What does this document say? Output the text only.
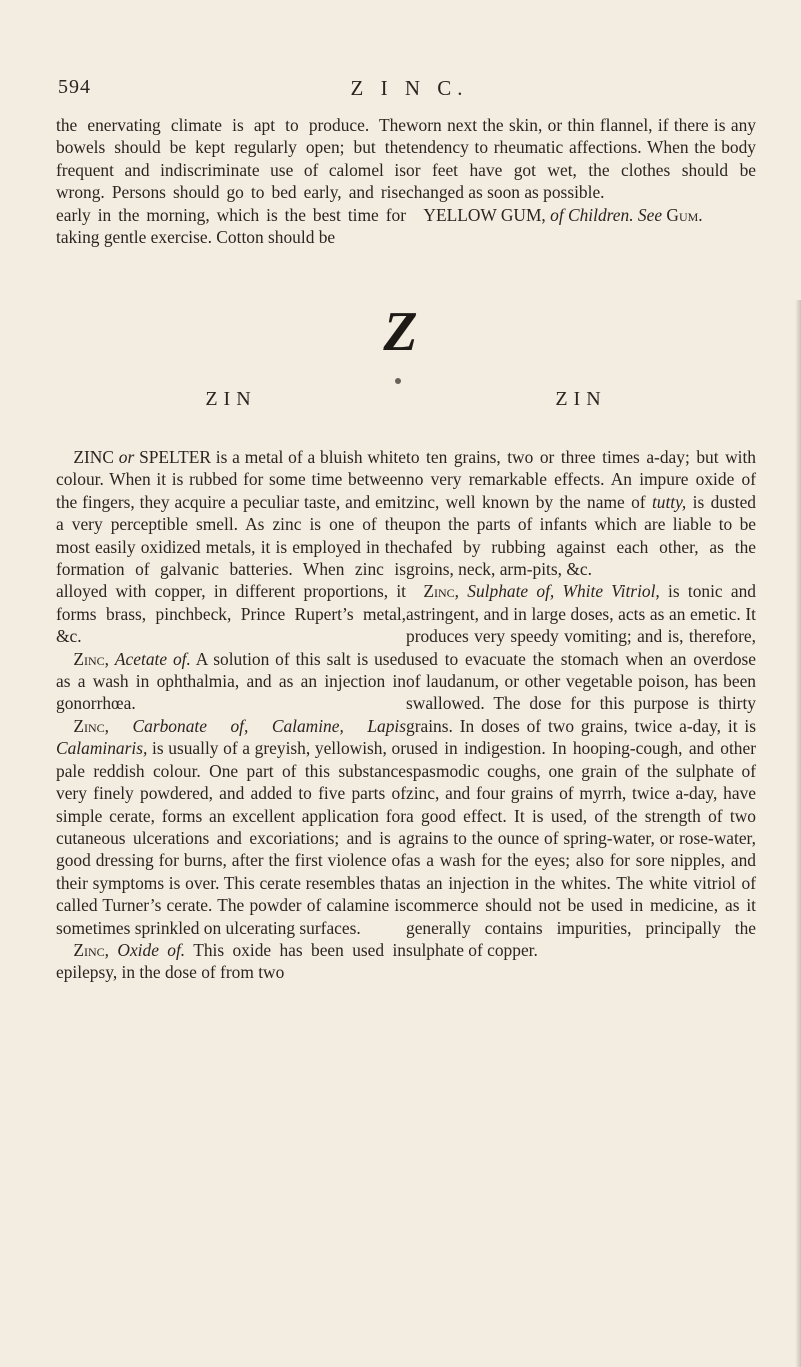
594	Z I N C.

the enervating climate is apt to produce. The bowels should be kept regularly open; but the frequent and indiscriminate use of calomel is wrong. Persons should go to bed early, and rise early in the morning, which is the best time for taking gentle exercise. Cotton should be

worn next the skin, or thin flannel, if there is any tendency to rheumatic affections. When the body or feet have got wet, the clothes should be changed as soon as possible.

 YELLOW GUM, of Children. See Gum.

Z
ZIN	ZIN

 ZINC or SPELTER is a metal of a bluish white colour. When it is rubbed for some time between the fingers, they acquire a peculiar taste, and emit a very perceptible smell. As zinc is one of the most easily oxidized metals, it is employed in the formation of galvanic batteries. When zinc is alloyed with copper, in different proportions, it forms brass, pinchbeck, Prince Rupert’s metal, &c.

 Zinc, Acetate of. A solution of this salt is used as a wash in ophthalmia, and as an injection in gonorrhœa.

 Zinc, Carbonate of, Calamine, Lapis Calaminaris, is usually of a greyish, yellowish, or pale reddish colour. One part of this substance very finely powdered, and added to five parts of simple cerate, forms an excellent application for cutaneous ulcerations and excoriations; and is a good dressing for burns, after the first violence of their symptoms is over. This cerate resembles that called Turner’s cerate. The powder of calamine is sometimes sprinkled on ulcerating surfaces.

 Zinc, Oxide of. This oxide has been used in epilepsy, in the dose of from two

to ten grains, two or three times a-day; but with no very remarkable effects. An impure oxide of zinc, well known by the name of tutty, is dusted upon the parts of infants which are liable to be chafed by rubbing against each other, as the groins, neck, arm-pits, &c.

 Zinc, Sulphate of, White Vitriol, is tonic and astringent, and in large doses, acts as an emetic. It produces very speedy vomiting; and is, therefore, used to evacuate the stomach when an overdose of laudanum, or other vegetable poison, has been swallowed. The dose for this purpose is thirty grains. In doses of two grains, twice a-day, it is used in indigestion. In hooping-cough, and other spasmodic coughs, one grain of the sulphate of zinc, and four grains of myrrh, twice a-day, have a good effect. It is used, of the strength of two grains to the ounce of spring-water, or rose-water, as a wash for the eyes; also for sore nipples, and as an injection in the whites. The white vitriol of commerce should not be used in medicine, as it generally contains impurities, principally the sulphate of copper.
